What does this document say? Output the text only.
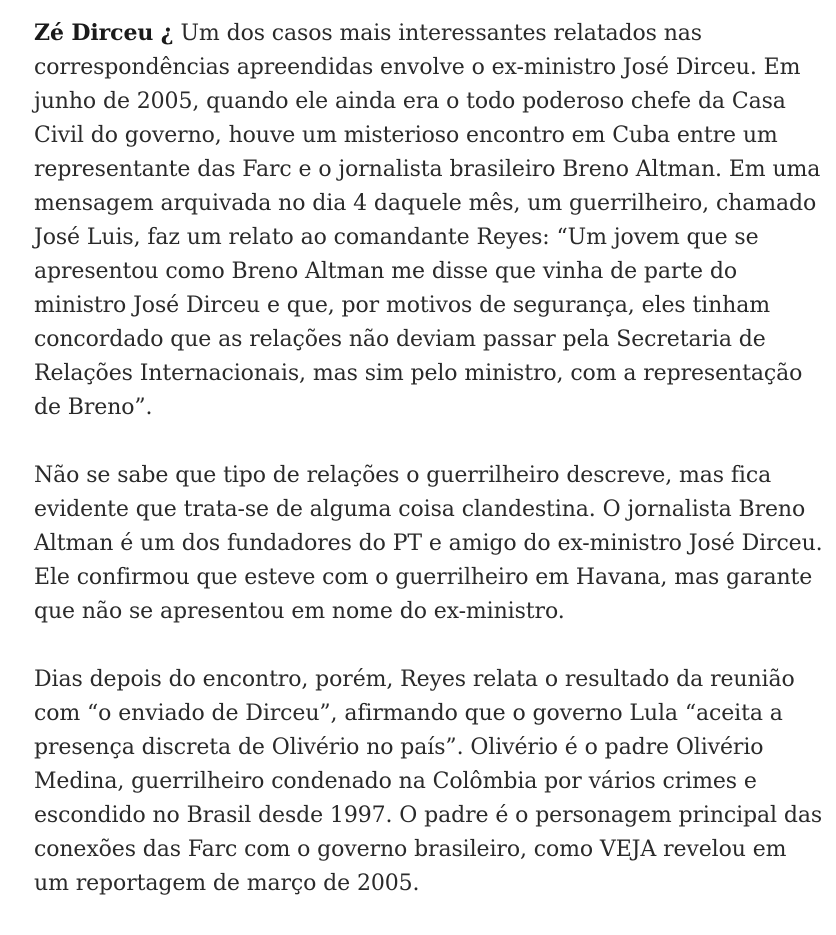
Zé Dirceu ¿ Um dos casos mais interessantes relatados nas correspondências apreendidas envolve o ex-ministro José Dirceu. Em junho de 2005, quando ele ainda era o todo poderoso chefe da Casa Civil do governo, houve um misterioso encontro em Cuba entre um representante das Farc e o jornalista brasileiro Breno Altman. Em uma mensagem arquivada no dia 4 daquele mês, um guerrilheiro, chamado José Luis, faz um relato ao comandante Reyes: “Um jovem que se apresentou como Breno Altman me disse que vinha de parte do ministro José Dirceu e que, por motivos de segurança, eles tinham concordado que as relações não deviam passar pela Secretaria de Relações Internacionais, mas sim pelo ministro, com a representação de Breno”.

Não se sabe que tipo de relações o guerrilheiro descreve, mas fica evidente que trata-se de alguma coisa clandestina. O jornalista Breno Altman é um dos fundadores do PT e amigo do ex-ministro José Dirceu. Ele confirmou que esteve com o guerrilheiro em Havana, mas garante que não se apresentou em nome do ex-ministro.

Dias depois do encontro, porém, Reyes relata o resultado da reunião com “o enviado de Dirceu”, afirmando que o governo Lula “aceita a presença discreta de Olivério no país”. Olivério é o padre Olivério Medina, guerrilheiro condenado na Colômbia por vários crimes e escondido no Brasil desde 1997. O padre é o personagem principal das conexões das Farc com o governo brasileiro, como VEJA revelou em um reportagem de março de 2005.
